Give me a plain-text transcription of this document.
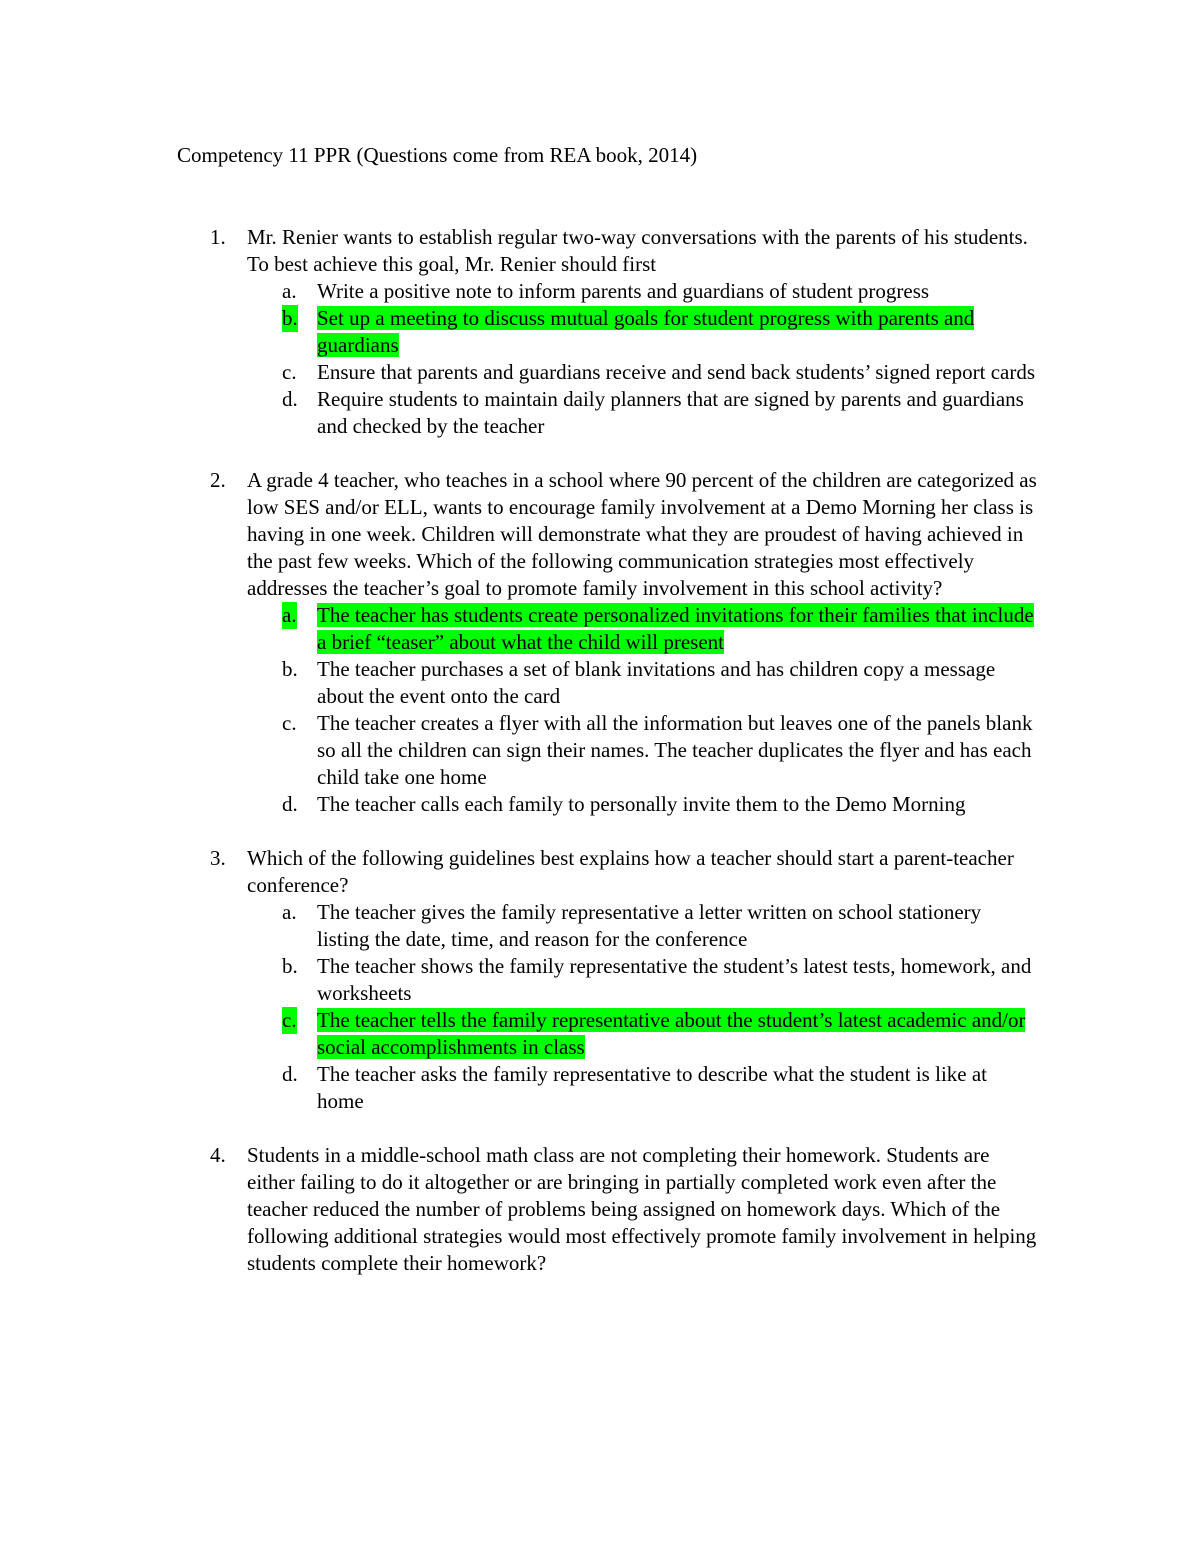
Competency 11 PPR (Questions come from REA book, 2014)
1. Mr. Renier wants to establish regular two-way conversations with the parents of his students. To best achieve this goal, Mr. Renier should first
a. Write a positive note to inform parents and guardians of student progress
b. Set up a meeting to discuss mutual goals for student progress with parents and guardians
c. Ensure that parents and guardians receive and send back students’ signed report cards
d. Require students to maintain daily planners that are signed by parents and guardians and checked by the teacher
2. A grade 4 teacher, who teaches in a school where 90 percent of the children are categorized as low SES and/or ELL, wants to encourage family involvement at a Demo Morning her class is having in one week. Children will demonstrate what they are proudest of having achieved in the past few weeks. Which of the following communication strategies most effectively addresses the teacher’s goal to promote family involvement in this school activity?
a. The teacher has students create personalized invitations for their families that include a brief “teaser” about what the child will present
b. The teacher purchases a set of blank invitations and has children copy a message about the event onto the card
c. The teacher creates a flyer with all the information but leaves one of the panels blank so all the children can sign their names. The teacher duplicates the flyer and has each child take one home
d. The teacher calls each family to personally invite them to the Demo Morning
3. Which of the following guidelines best explains how a teacher should start a parent-teacher conference?
a. The teacher gives the family representative a letter written on school stationery listing the date, time, and reason for the conference
b. The teacher shows the family representative the student’s latest tests, homework, and worksheets
c. The teacher tells the family representative about the student’s latest academic and/or social accomplishments in class
d. The teacher asks the family representative to describe what the student is like at home
4. Students in a middle-school math class are not completing their homework. Students are either failing to do it altogether or are bringing in partially completed work even after the teacher reduced the number of problems being assigned on homework days. Which of the following additional strategies would most effectively promote family involvement in helping students complete their homework?
